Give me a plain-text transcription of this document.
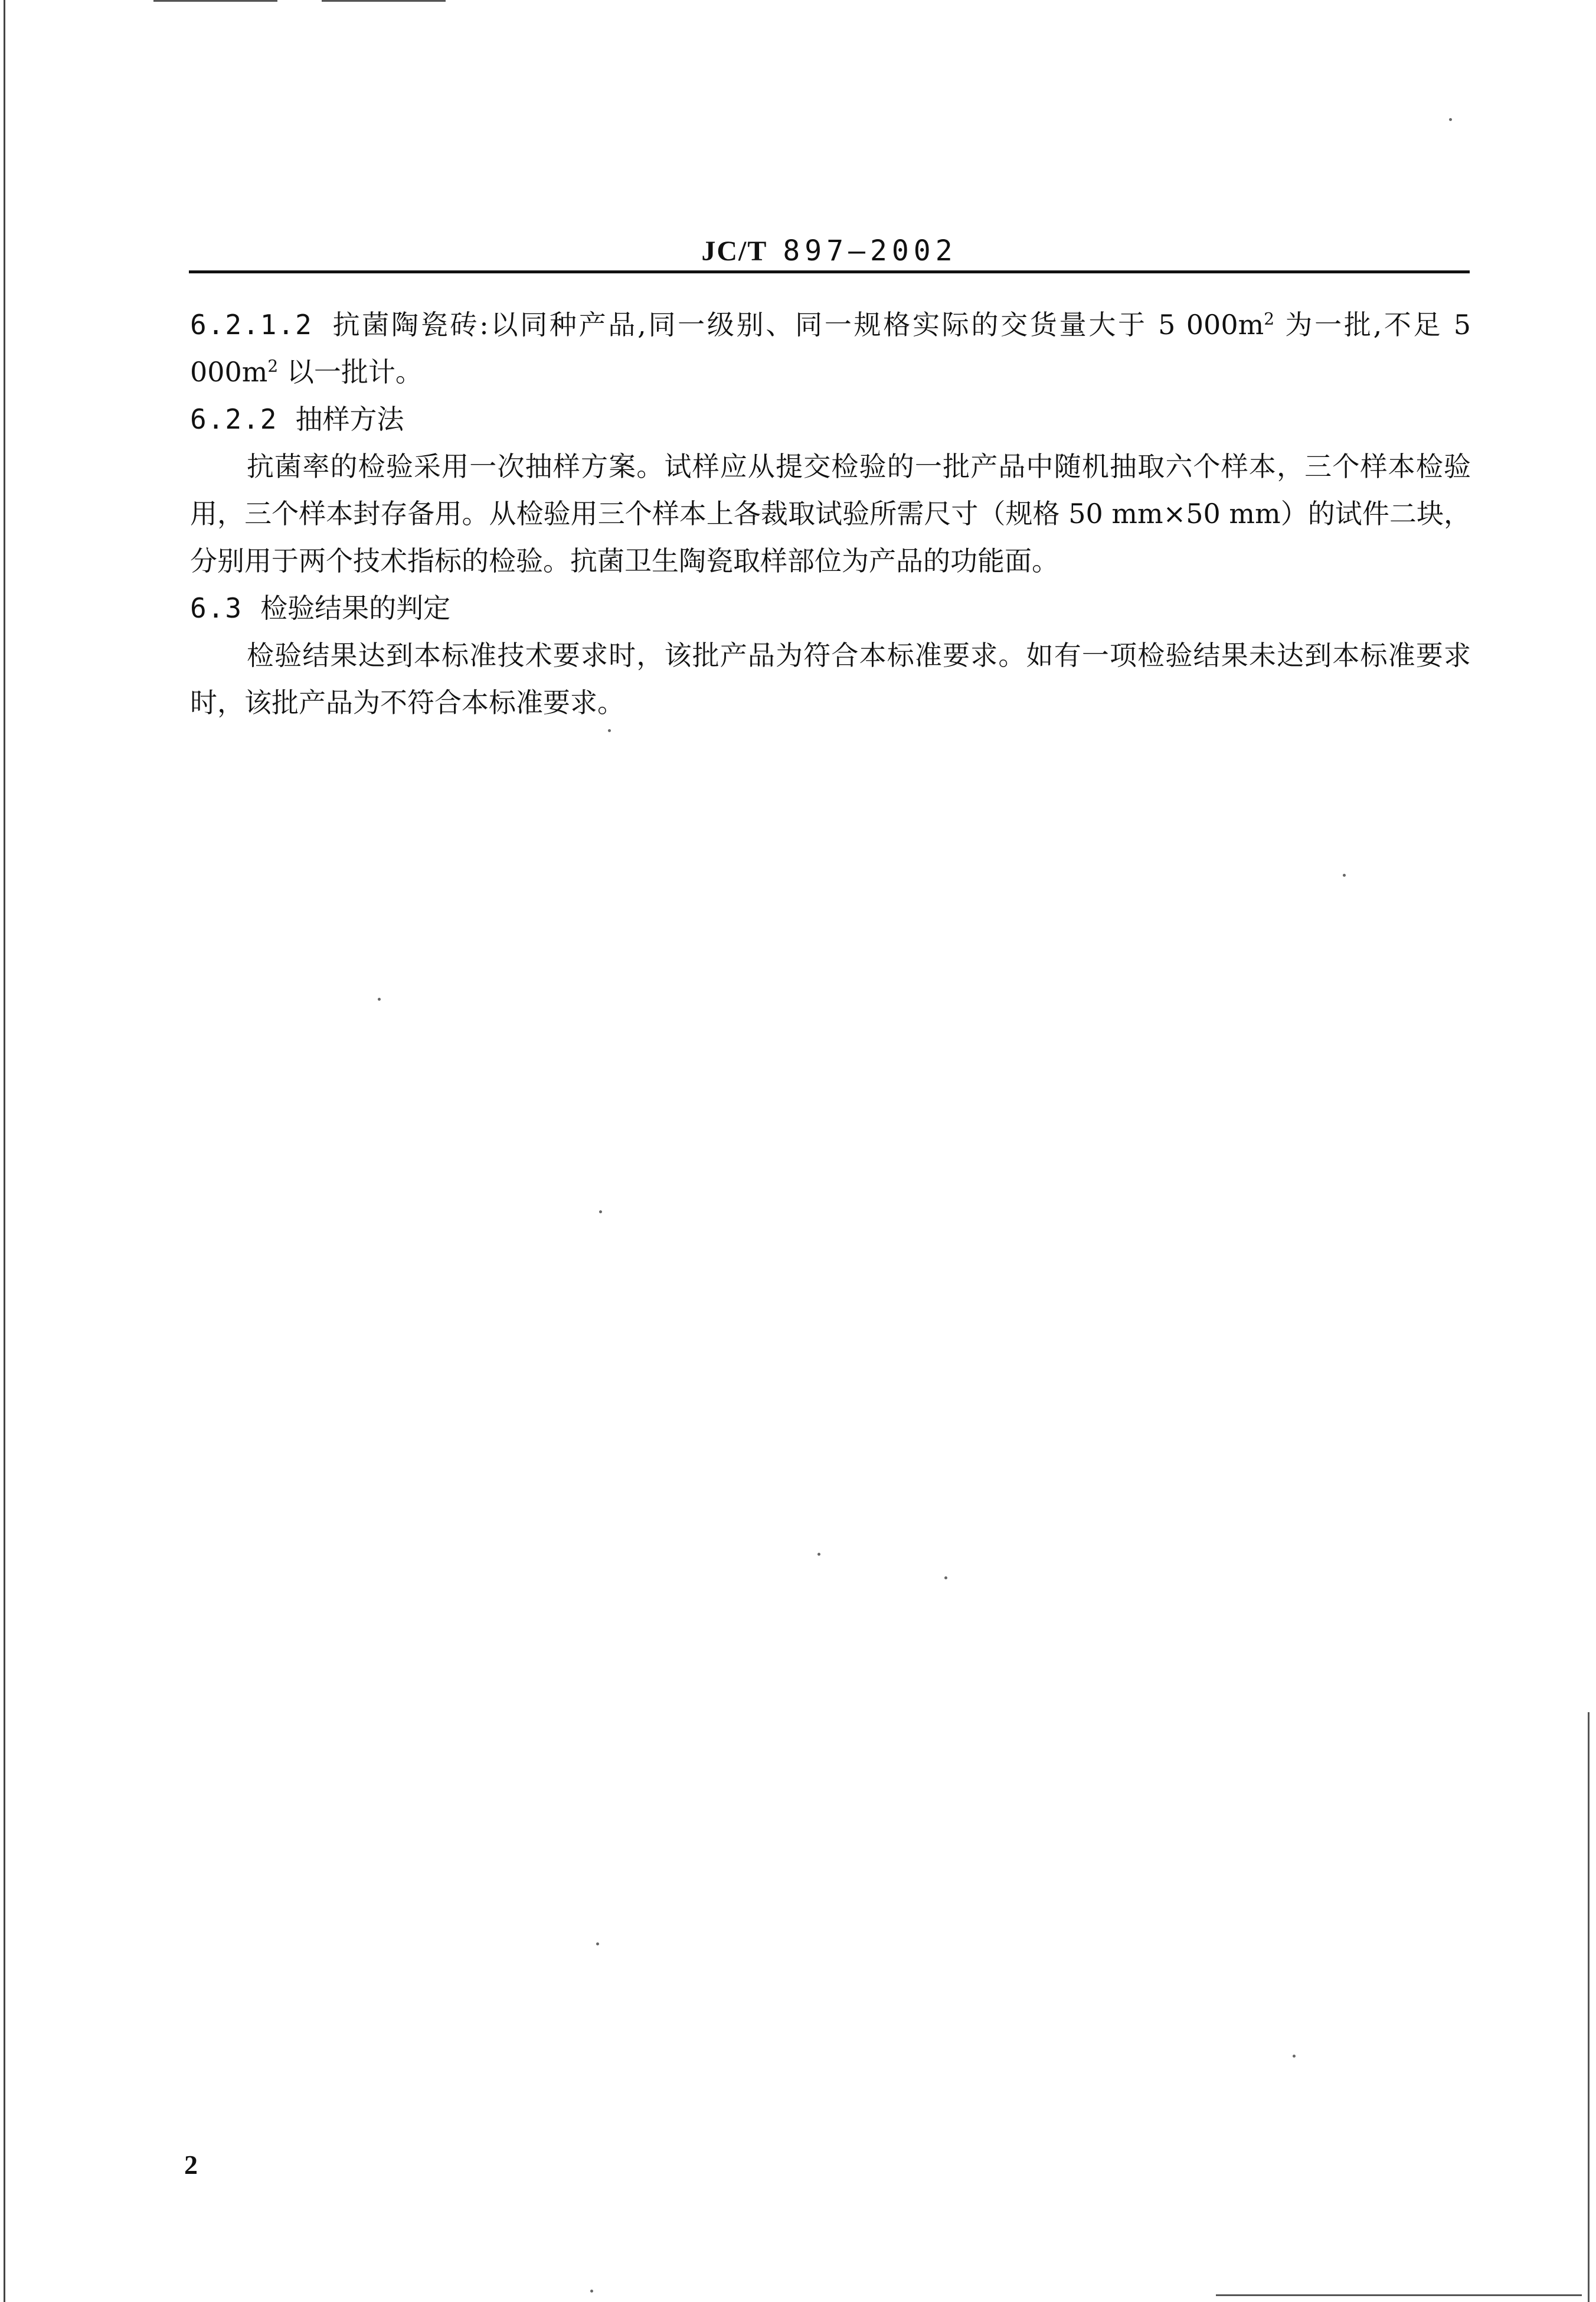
JC/T 897—2002

6.2.1.2 抗菌陶瓷砖:以同种产品,同一级别、同一规格实际的交货量大于 5 $000m^2$ 为一批,不足 5 $000m^2$ 以一批计。

6.2.2 抽样方法

抗菌率的检验采用一次抽样方案。试样应从提交检验的一批产品中随机抽取六个样本，三个样本检验用，三个样本封存备用。从检验用三个样本上各裁取试验所需尺寸（规格 50 mm×50 mm）的试件二块，分别用于两个技术指标的检验。抗菌卫生陶瓷取样部位为产品的功能面。

6.3 检验结果的判定

检验结果达到本标准技术要求时，该批产品为符合本标准要求。如有一项检验结果未达到本标准要求时，该批产品为不符合本标准要求。

2
